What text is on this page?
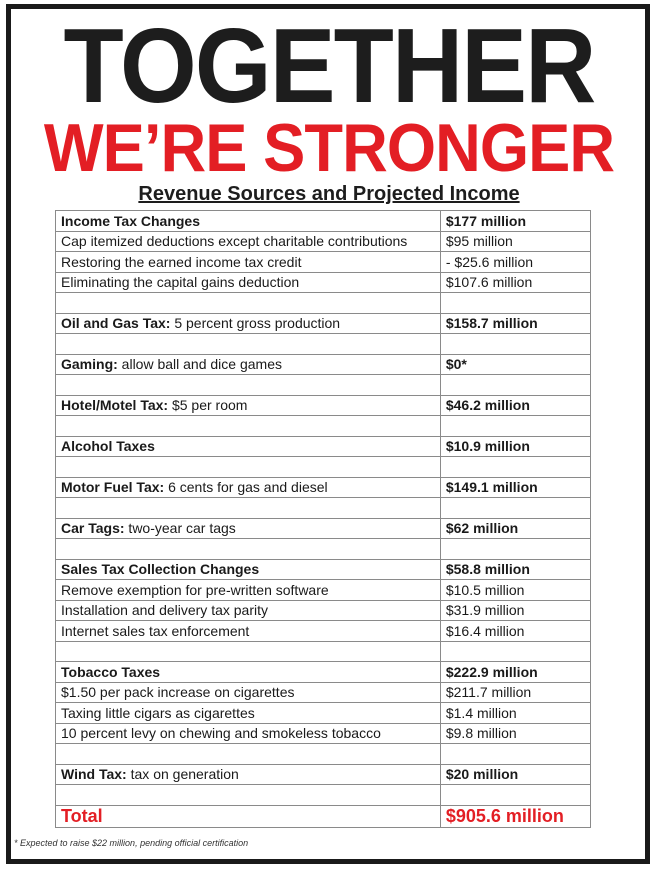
TOGETHER
WE’RE STRONGER
Revenue Sources and Projected Income
Income Tax Changes	$177 million
Cap itemized deductions except charitable contributions	$95 million
Restoring the earned income tax credit	- $25.6 million
Eliminating the capital gains deduction	$107.6 million

Oil and Gas Tax: 5 percent gross production	$158.7 million

Gaming: allow ball and dice games	$0*

Hotel/Motel Tax: $5 per room	$46.2 million

Alcohol Taxes	$10.9 million

Motor Fuel Tax: 6 cents for gas and diesel	$149.1 million

Car Tags: two-year car tags	$62 million

Sales Tax Collection Changes	$58.8 million
Remove exemption for pre-written software	$10.5 million
Installation and delivery tax parity	$31.9 million
Internet sales tax enforcement	$16.4 million

Tobacco Taxes	$222.9 million
$1.50 per pack increase on cigarettes	$211.7 million
Taxing little cigars as cigarettes	$1.4 million
10 percent levy on chewing and smokeless tobacco	$9.8 million

Wind Tax: tax on generation	$20 million

Total	$905.6 million
* Expected to raise $22 million, pending official certification
